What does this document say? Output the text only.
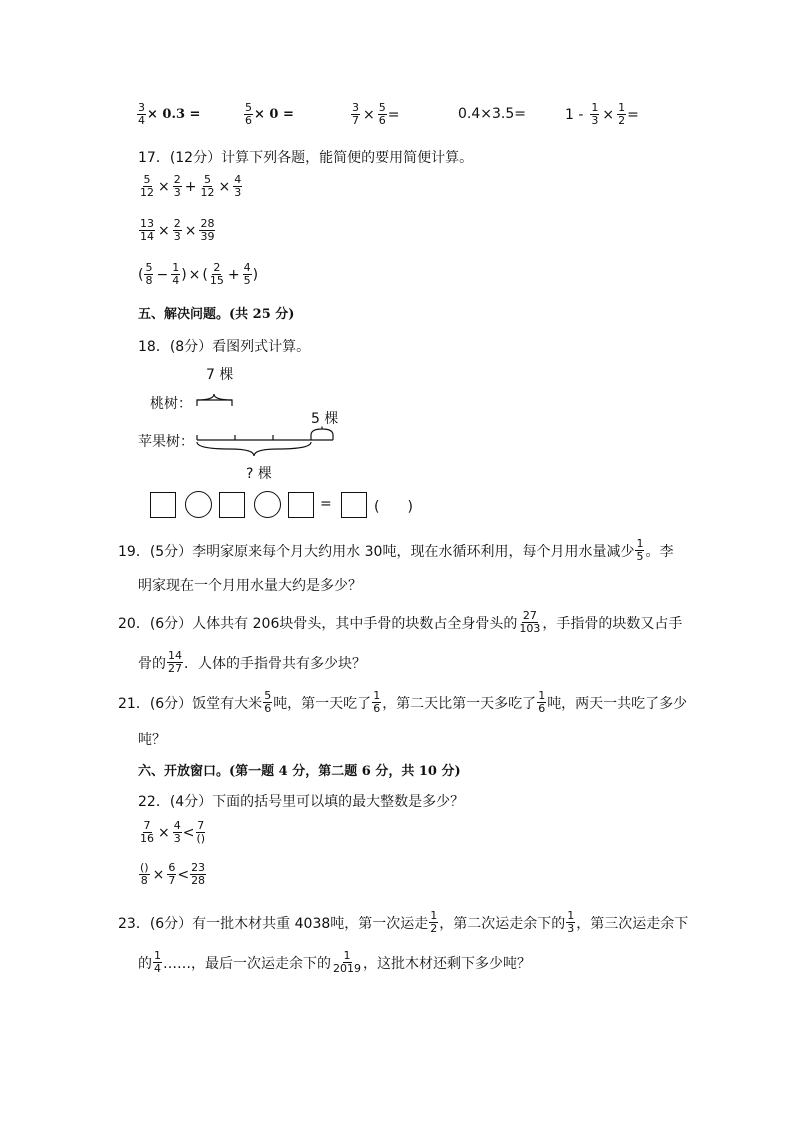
$\frac{3}{4} \times 0.3$ =	$\frac{5}{6} \times 0$ =	$\frac{3}{7} \times \frac{5}{6}$ =	0.4×3.5=	$1 - \frac{1}{3} \times \frac{1}{2}$ =
17．(12分）计算下列各题，能简便的要用简便计算。
$\frac{5}{12} \times \frac{2}{3} + \frac{5}{12} \times \frac{4}{3}$
$\frac{13}{14} \times \frac{2}{3} \times \frac{28}{39}$
( $\frac{5}{8} - \frac{1}{4}$ ) × ( $\frac{2}{15} + \frac{4}{5}$ )
五、解决问题。(共 25 分)
18．(8分）看图列式计算。
7 棵
桃树：
5 棵
苹果树：
? 棵
=	(　　)
19．(5分）李明家原来每个月大约用水 30吨，现在水循环利用，每个月用水量减少 $\frac{1}{5}$ 。李
明家现在一个月用水量大约是多少？
20．(6分）人体共有 206块骨头，其中手骨的块数占全身骨头的 $\frac{27}{103}$ ，手指骨的块数又占手
骨的 $\frac{14}{27}$ ．人体的手指骨共有多少块？
21．(6分）饭堂有大米 $\frac{5}{6}$ 吨，第一天吃了 $\frac{1}{6}$ ，第二天比第一天多吃了 $\frac{1}{6}$ 吨，两天一共吃了多少
吨？
六、开放窗口。(第一题 4 分，第二题 6 分，共 10 分)
22．(4分）下面的括号里可以填的最大整数是多少？
$\frac{7}{16} \times \frac{4}{3} < \frac{7}{()}$
$\frac{()}{8} \times \frac{6}{7} < \frac{23}{28}$
23．(6分）有一批木材共重 4038吨，第一次运走 $\frac{1}{2}$ ，第二次运走余下的 $\frac{1}{3}$ ，第三次运走余下
的 $\frac{1}{4}$ ……，最后一次运走余下的 $\frac{1}{2019}$ ，这批木材还剩下多少吨？
